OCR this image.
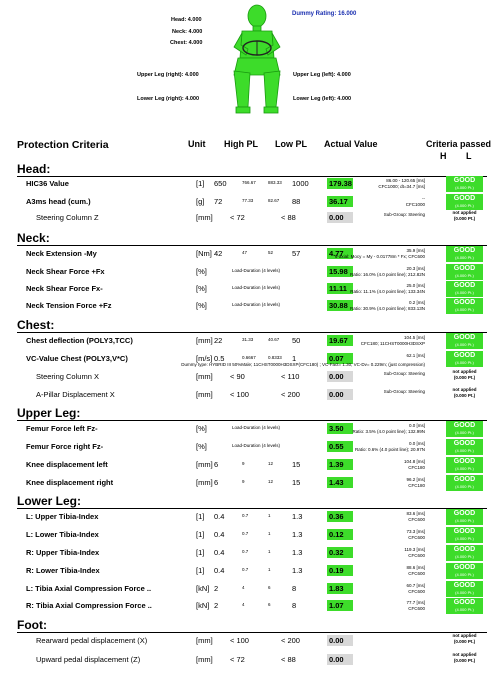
Dummy Rating: 16.000
Head: 4.000
Neck: 4.000
Chest: 4.000
Upper Leg (right): 4.000	Upper Leg (left): 4.000
Lower Leg (right): 4.000	Lower Leg (left): 4.000
Protection Criteria	Unit High PL Low PL Actual Value	Criteria passed
H L
Head:
Neck:
Chest:
Upper Leg:
Lower Leg:
Foot:
HIC36 Value	[1] 650	766.67	883.33 1000	179.38	86.00 - 120.65 [ms]
CFC1000; dt=34.7 [ms]
GOOD
(4.000 Pt.)
A3ms head (cum.)	[g] 72	77.33	82.67 88	36.17	--
CFC1000
GOOD
(4.000 Pt.)
Steering Column Z	[mm] < 72	< 88	0.00	Sub-Group: Steering	not applied
(0.000 Pt.)
Neck Extension -My	[Nm] 42	47	52	57	4.77	35.9 [ms]
6-axial: Mocy = My - 0.01778m * Fx; CFC600
GOOD
(4.000 Pt.)
Neck Shear Force +Fx	[%]	Load-Duration (4 levels)	15.98	20.3 [ms]
Ratio: 16.0% (4.0 point line); 212.82N
GOOD
(4.000 Pt.)
Neck Shear Force Fx-	[%]	Load-Duration (4 levels)	11.11	25.0 [ms]
Ratio: 11.1% (4.0 point line); 133.34N
GOOD
(4.000 Pt.)
Neck Tension Force +Fz	[%]	Load-Duration (4 levels)	30.88	0.2 [ms]
Ratio: 30.9% (4.0 point line); 833.13N
GOOD
(4.000 Pt.)
Chest deflection (POLY3,TCC)	[mm] 22	31.33	40.67 50	19.67	104.5 [ms]
CFC180; 11CHST0000H3DSXP
GOOD
(4.000 Pt.)
VC-Value Chest (POLY3,V*C)	[m/s] 0.5	0.6667	0.8333 1	0.07	62.1 [ms]
Dummy type: HYBRID III 50%Male; 11CHST0000H3DSXP(CFC180) ; VC-Fact= 1.30; VC-Dv= 0.229m; (just compression)
GOOD
(4.000 Pt.)
Steering Column X	[mm] < 90	< 110	0.00	Sub-Group: Steering	not applied
(0.000 Pt.)
A-Pillar Displacement X	[mm] < 100	< 200	0.00	Sub-Group: Steering	not applied
(0.000 Pt.)
Femur Force left Fz-	[%]	Load-Duration (4 levels)	3.50	0.0 [ms]
Ratio: 3.5% (4.0 point line); 132.99N
GOOD
(4.000 Pt.)
Femur Force right Fz-	[%]	Load-Duration (4 levels)	0.55	0.0 [ms]
Ratio: 0.6% (4.0 point line); 20.97N
GOOD
(4.000 Pt.)
Knee displacement left	[mm] 6	9	12	15	1.39	104.8 [ms]
CFC180
GOOD
(4.000 Pt.)
Knee displacement right	[mm] 6	9	12	15	1.43	96.2 [ms]
CFC180
GOOD
(4.000 Pt.)
L: Upper Tibia-Index	[1] 0.4	0.7	1	1.3	0.36	83.6 [ms]
CFC600
GOOD
(4.000 Pt.)
L: Lower Tibia-Index	[1] 0.4	0.7	1	1.3	0.12	73.3 [ms]
CFC600
GOOD
(4.000 Pt.)
R: Upper Tibia-Index	[1] 0.4	0.7	1	1.3	0.32	119.3 [ms]
CFC600
GOOD
(4.000 Pt.)
R: Lower Tibia-Index	[1] 0.4	0.7	1	1.3	0.19	88.6 [ms]
CFC600
GOOD
(4.000 Pt.)
L: Tibia Axial Compression Force ..	[kN] 2	4	6	8	1.83	60.7 [ms]
CFC600
GOOD
(4.000 Pt.)
R: Tibia Axial Compression Force ..	[kN] 2	4	6	8	1.07	77.7 [ms]
CFC600
GOOD
(4.000 Pt.)
Rearward pedal displacement (X)	[mm] < 100	< 200	0.00
not applied
(0.000 Pt.)
Upward pedal displacement (Z)	[mm] < 72	< 88	0.00
not applied
(0.000 Pt.)
